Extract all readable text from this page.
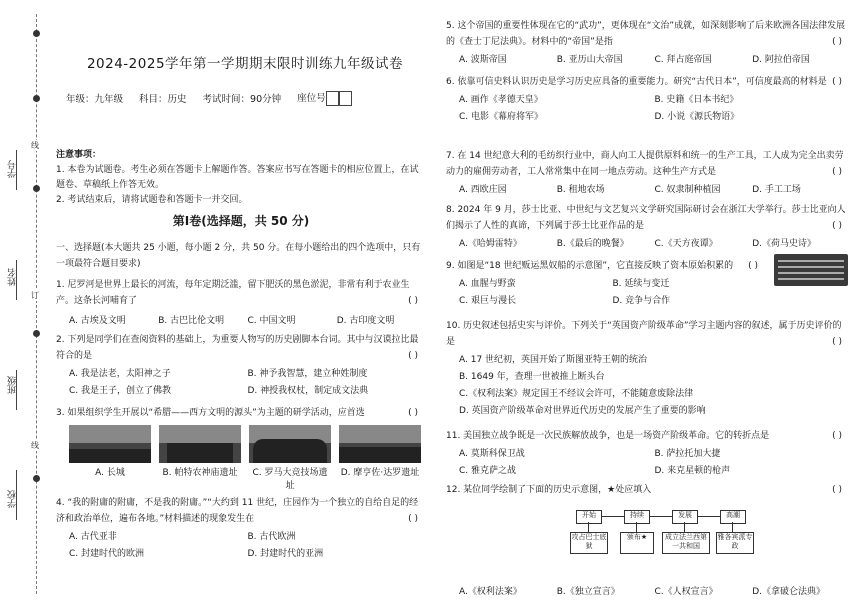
学号
姓名
班级
学校
线
订
线
2024-2025学年第一学期期末限时训练九年级试卷
年级：九年级 科目：历史 考试时间：90分钟 座位号
注意事项：
1. 本卷为试题卷。考生必须在答题卡上解题作答。答案应书写在答题卡的相应位置上，在试题卷、草稿纸上作答无效。
2. 考试结束后，请将试题卷和答题卡一并交回。
第Ⅰ卷(选择题，共 50 分)
一、选择题(本大题共 25 小题，每小题 2 分，共 50 分。在每小题给出的四个选项中，只有一项最符合题目要求)
1. 尼罗河是世界上最长的河流，每年定期泛滥，留下肥沃的黑色淤泥，非常有利于农业生产。这条长河哺育了	( )
A. 古埃及文明	B. 古巴比伦文明	C. 中国文明	D. 古印度文明
2. 下列是同学们在查阅资料的基础上，为重要人物写的历史剧脚本台词。其中与汉谟拉比最符合的是	( )
A. 我是法老，太阳神之子	B. 神予我智慧，建立种姓制度
C. 我是王子，创立了佛教	D. 神授我权杖，制定成文法典
3. 如果组织学生开展以“希腊——西方文明的源头”为主题的研学活动，应首选	( )
A. 长城	B. 帕特农神庙遗址	C. 罗马大竞技场遗址
D. 摩亨佐·达罗遗址
4. “我的附庸的附庸，不是我的附庸。”“大约到 11 世纪，庄园作为一个独立的自给自足的经济和政治单位，遍布各地。”材料描述的现象发生在	( )
A. 古代亚非	B. 古代欧洲
C. 封建时代的欧洲	D. 封建时代的亚洲
5. 这个帝国的重要性体现在它的“武功”，更体现在“文治”成就，如深刻影响了后来欧洲各国法律发展的《查士丁尼法典》。材料中的“帝国”是指	( )
A. 波斯帝国	B. 亚历山大帝国	C. 拜占庭帝国	D. 阿拉伯帝国
6. 依靠可信史料认识历史是学习历史应具备的重要能力。研究“古代日本”，可信度最高的材料是 ( )
A. 画作《孝德天皇》	B. 史籍《日本书纪》
C. 电影《幕府将军》	D. 小说《源氏物语》
7. 在 14 世纪意大利的毛纺织行业中，商人向工人提供原料和统一的生产工具，工人成为完全出卖劳动力的雇佣劳动者，工人常常集中在同一地点劳动。这种生产方式是	( )
A. 西欧庄园	B. 租地农场	C. 奴隶制种植园	D. 手工工场
8. 2024 年 9 月，莎士比亚、中世纪与文艺复兴文学研究国际研讨会在浙江大学举行。莎士比亚向人们揭示了人性的真谛，下列属于莎士比亚作品的是	( )
A.《哈姆雷特》	B.《最后的晚餐》	C.《天方夜谭》	D.《荷马史诗》
9. 如图是“18 世纪贩运黑奴船的示意图”，它直接反映了资本原始积累的 ( )
A. 血腥与野蛮	B. 延续与变迁
C. 艰巨与漫长	D. 竞争与合作
10. 历史叙述包括史实与评价。下列关于“英国资产阶级革命”学习主题内容的叙述，属于历史评价的是	( )
A. 17 世纪初，英国开始了斯图亚特王朝的统治
B. 1649 年，查理一世被推上断头台
C.《权利法案》规定国王不经议会许可，不能随意废除法律
D. 英国资产阶级革命对世界近代历史的发展产生了重要的影响
11. 美国独立战争既是一次民族解放战争，也是一场资产阶级革命。它的转折点是	( )
A. 莫斯科保卫战	B. 萨拉托加大捷
C. 雅克萨之战	D. 来克星顿的枪声
12. 某位同学绘制了下面的历史示意图，★处应填入	( )
开始	持续	发展	高潮
攻占巴士底狱
颁布★	成立法兰西第一共和国
雅各宾派专政
A.《权利法案》	B.《独立宣言》	C.《人权宣言》	D.《拿破仑法典》
